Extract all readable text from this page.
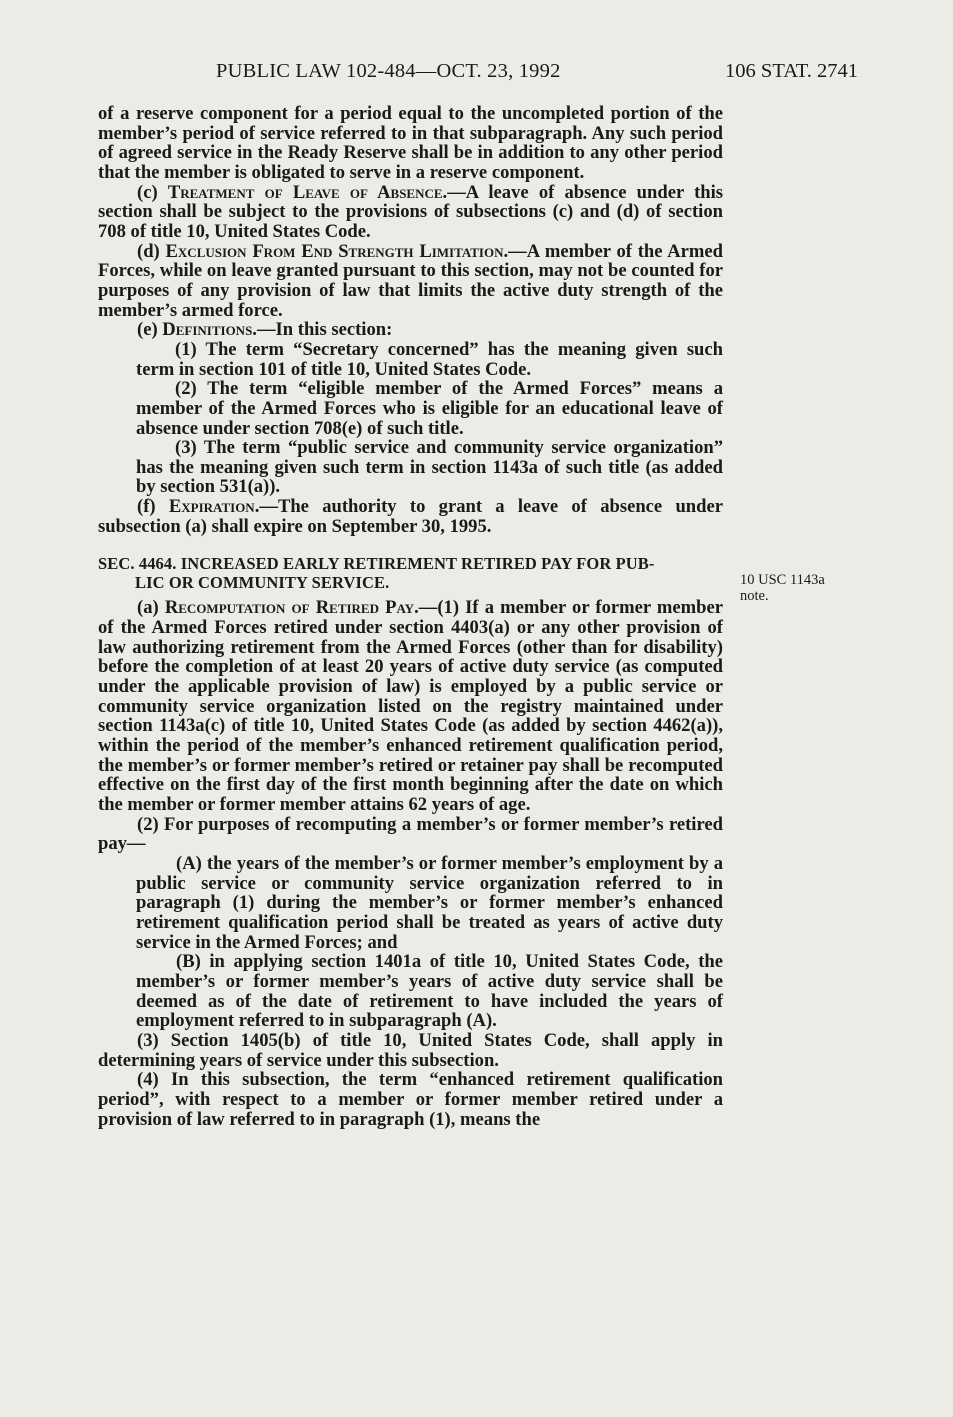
PUBLIC LAW 102-484—OCT. 23, 1992	106 STAT. 2741

of a reserve component for a period equal to the uncompleted portion of the member’s period of service referred to in that subparagraph. Any such period of agreed service in the Ready Reserve shall be in addition to any other period that the member is obligated to serve in a reserve component.

(c) Treatment of Leave of Absence.—A leave of absence under this section shall be subject to the provisions of subsections (c) and (d) of section 708 of title 10, United States Code.

(d) Exclusion From End Strength Limitation.—A member of the Armed Forces, while on leave granted pursuant to this section, may not be counted for purposes of any provision of law that limits the active duty strength of the member’s armed force.

(e) Definitions.—In this section:

(1) The term “Secretary concerned” has the meaning given such term in section 101 of title 10, United States Code.

(2) The term “eligible member of the Armed Forces” means a member of the Armed Forces who is eligible for an educational leave of absence under section 708(e) of such title.

(3) The term “public service and community service organization” has the meaning given such term in section 1143a of such title (as added by section 531(a)).

(f) Expiration.—The authority to grant a leave of absence under subsection (a) shall expire on September 30, 1995.

SEC. 4464. INCREASED EARLY RETIREMENT RETIRED PAY FOR PUB-
LIC OR COMMUNITY SERVICE.

(a) Recomputation of Retired Pay.—(1) If a member or former member of the Armed Forces retired under section 4403(a) or any other provision of law authorizing retirement from the Armed Forces (other than for disability) before the completion of at least 20 years of active duty service (as computed under the applicable provision of law) is employed by a public service or community service organization listed on the registry maintained under section 1143a(c) of title 10, United States Code (as added by section 4462(a)), within the period of the member’s enhanced retirement qualification period, the member’s or former member’s retired or retainer pay shall be recomputed effective on the first day of the first month beginning after the date on which the member or former member attains 62 years of age.

(2) For purposes of recomputing a member’s or former member’s retired pay—

(A) the years of the member’s or former member’s employment by a public service or community service organization referred to in paragraph (1) during the member’s or former member’s enhanced retirement qualification period shall be treated as years of active duty service in the Armed Forces; and

(B) in applying section 1401a of title 10, United States Code, the member’s or former member’s years of active duty service shall be deemed as of the date of retirement to have included the years of employment referred to in subparagraph (A).

(3) Section 1405(b) of title 10, United States Code, shall apply in determining years of service under this subsection.

(4) In this subsection, the term “enhanced retirement qualification period”, with respect to a member or former member retired under a provision of law referred to in paragraph (1), means the

10 USC 1143a
note.
